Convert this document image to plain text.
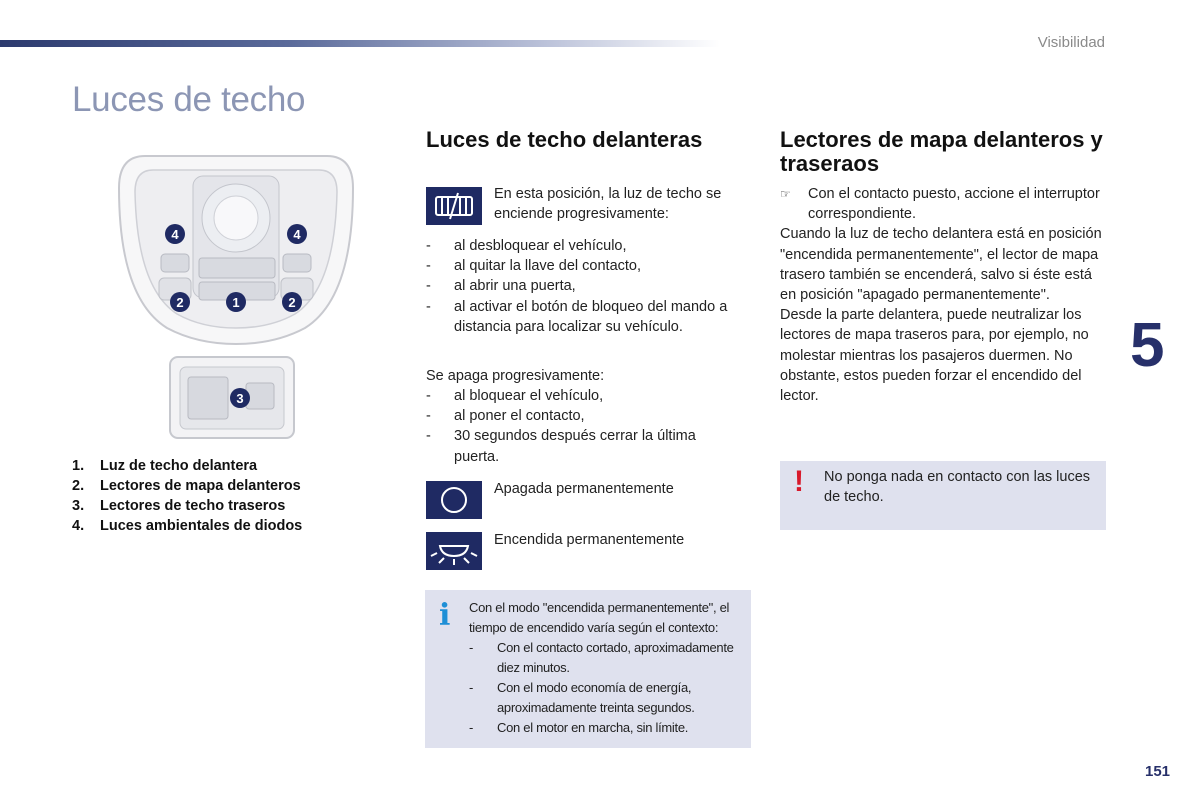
Visibilidad
Luces de techo
5
151
4	4
2	1	2
3
1. Luz de techo delantera
2. Lectores de mapa delanteros
3. Lectores de techo traseros
4. Luces ambientales de diodos
Luces de techo delanteras
En esta posición, la luz de techo se enciende progresivamente:
- al desbloquear el vehículo,
- al quitar la llave del contacto,
- al abrir una puerta,
- al activar el botón de bloqueo del mando a distancia para localizar su vehículo.
Se apaga progresivamente:
- al bloquear el vehículo,
- al poner el contacto,
- 30 segundos después cerrar la última puerta.
Apagada permanentemente
Encendida permanentemente
i Con el modo "encendida permanentemente", el tiempo de encendido varía según el contexto:
- Con el contacto cortado, aproximadamente diez minutos.
- Con el modo economía de energía, aproximadamente treinta segundos.
- Con el motor en marcha, sin límite.
Lectores de mapa delanteros y traseraos
☞	Con el contacto puesto, accione el interruptor correspondiente.
Cuando la luz de techo delantera está en posición "encendida permanentemente", el lector de mapa trasero también se encenderá, salvo si éste está en posición "apagado permanentemente".
Desde la parte delantera, puede neutralizar los lectores de mapa traseros para, por ejemplo, no molestar mientras los pasajeros duermen. No obstante, estos pueden forzar el encendido del lector.
! No ponga nada en contacto con las luces de techo.
